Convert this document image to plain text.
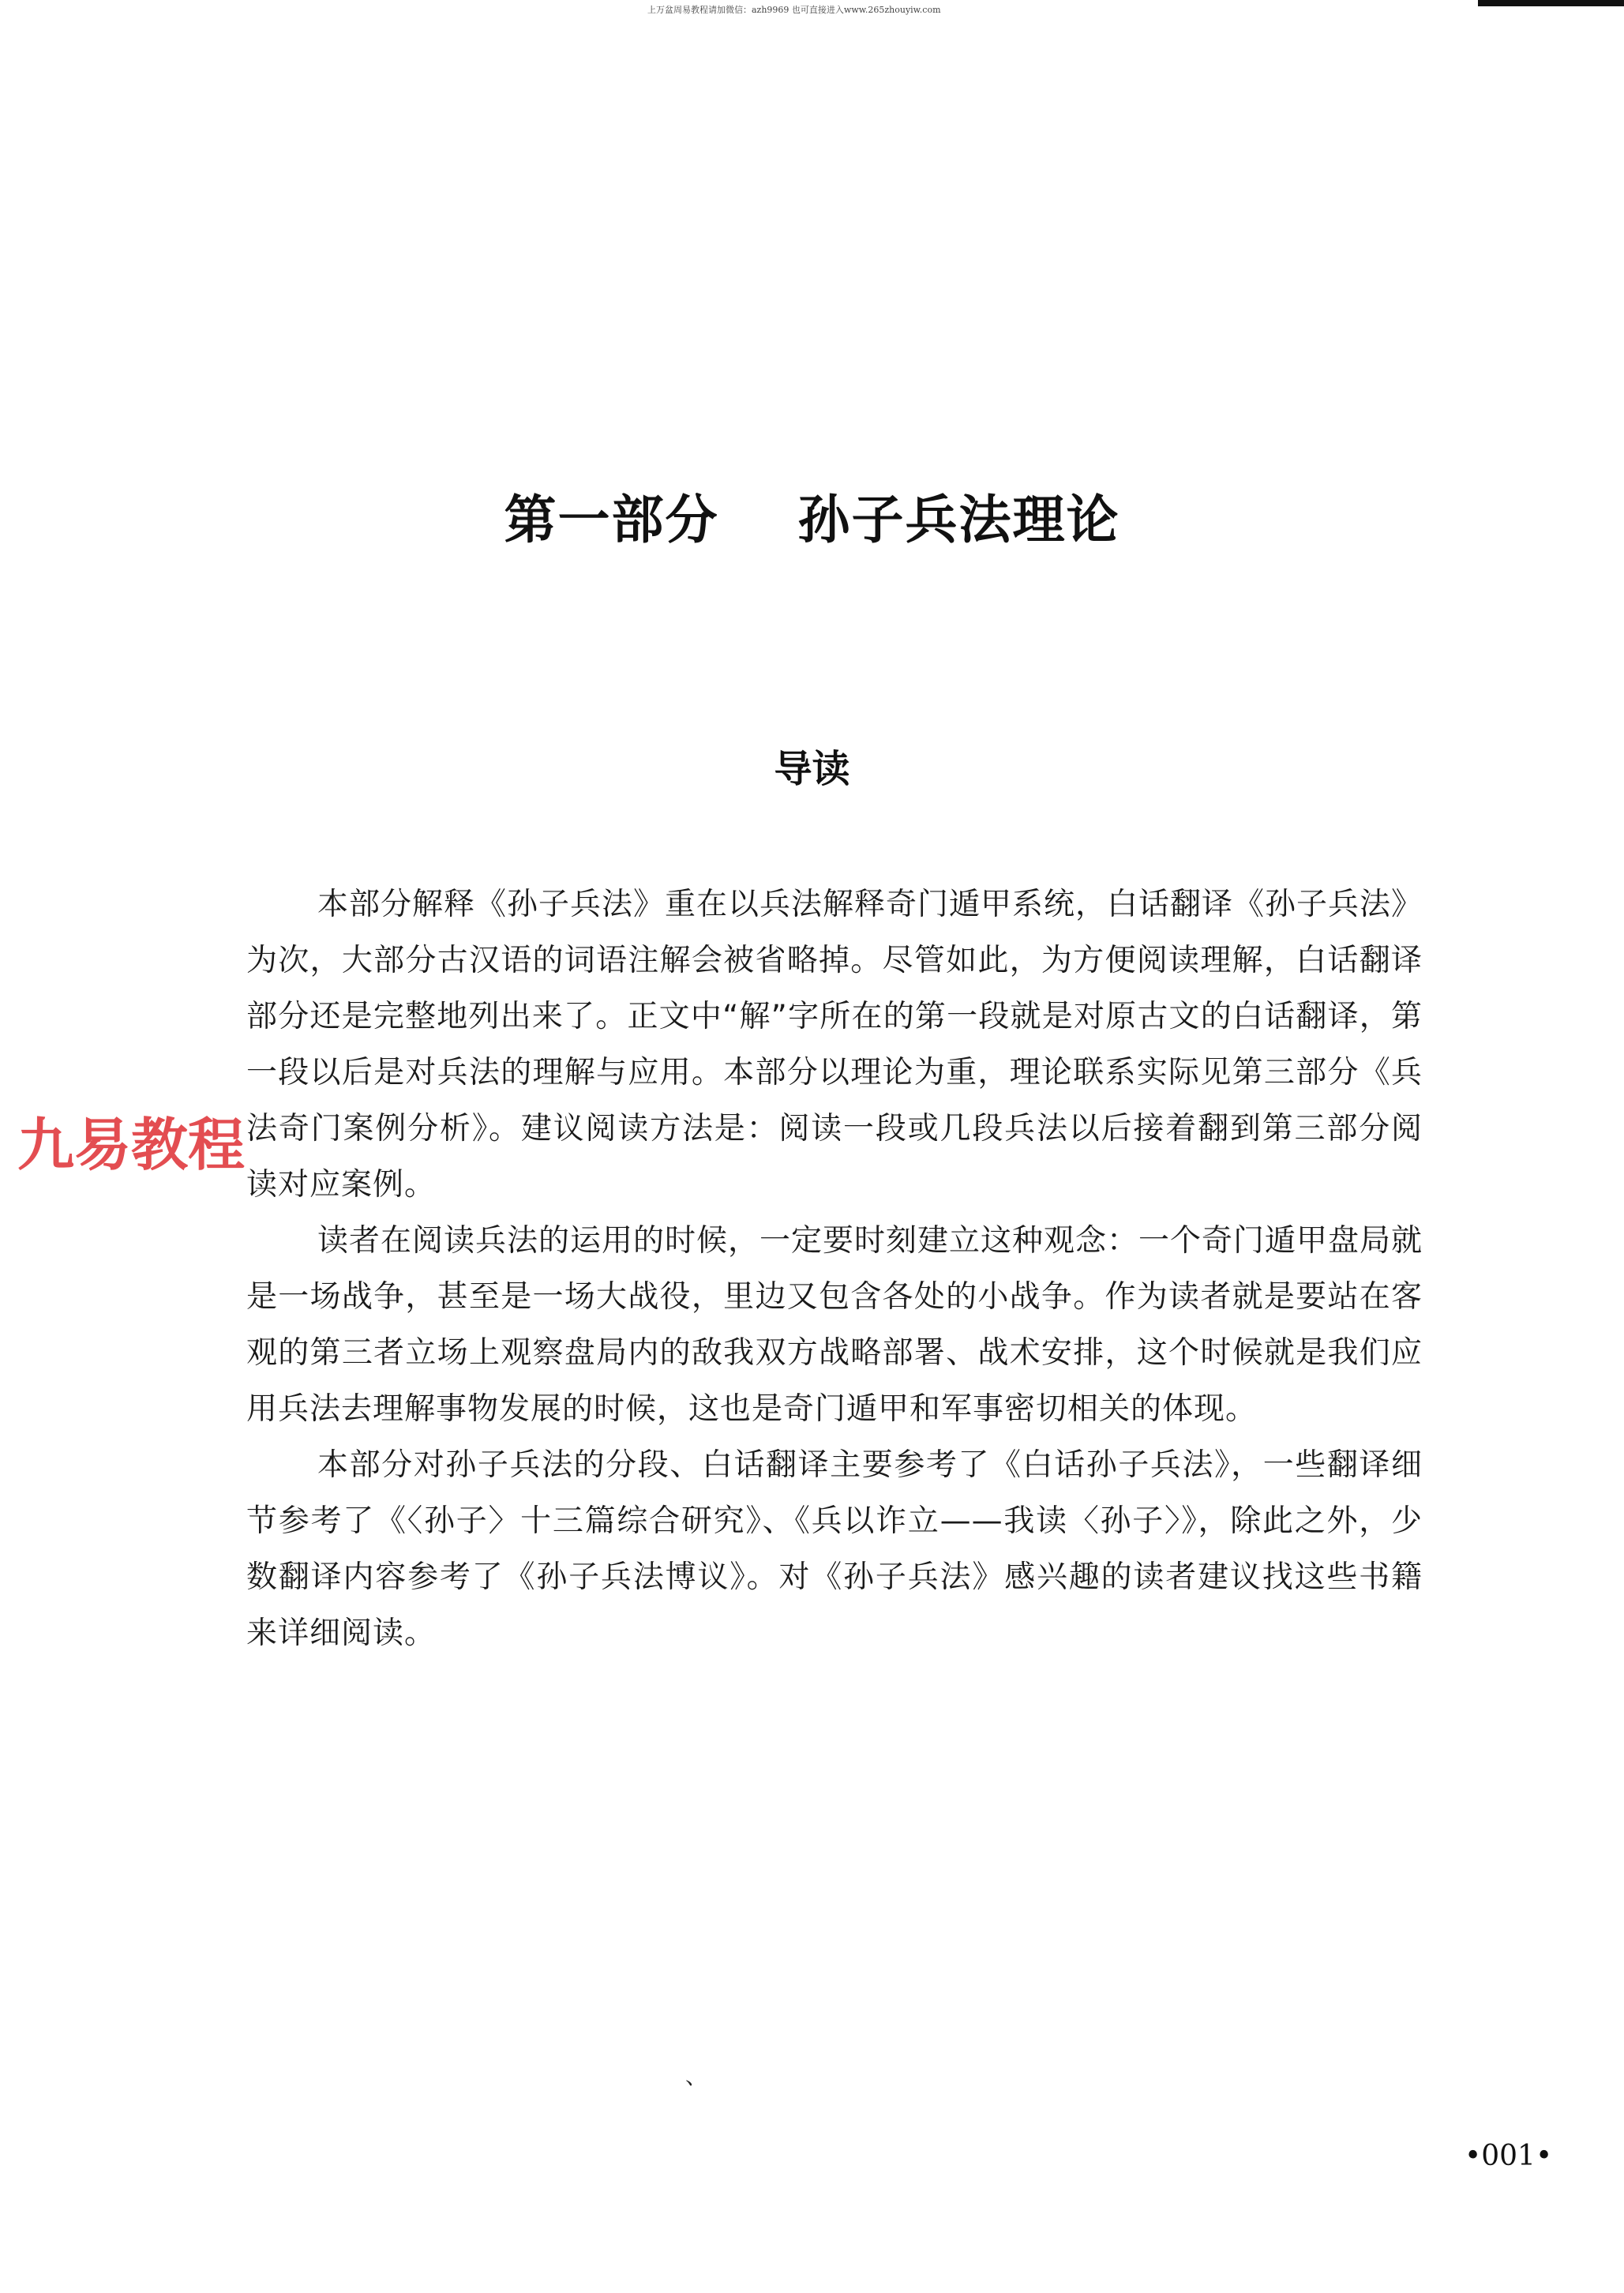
上万盆周易教程请加微信：azh9969 也可直接进入www.265zhouyiw.com
第一部分    孙子兵法理论
导读

本部分解释《孙子兵法》重在以兵法解释奇门遁甲系统，白话翻译《孙子兵法》为次，大部分古汉语的词语注解会被省略掉。尽管如此，为方便阅读理解，白话翻译部分还是完整地列出来了。正文中“解”字所在的第一段就是对原古文的白话翻译，第一段以后是对兵法的理解与应用。本部分以理论为重，理论联系实际见第三部分《兵法奇门案例分析》。建议阅读方法是：阅读一段或几段兵法以后接着翻到第三部分阅读对应案例。

读者在阅读兵法的运用的时候，一定要时刻建立这种观念：一个奇门遁甲盘局就是一场战争，甚至是一场大战役，里边又包含各处的小战争。作为读者就是要站在客观的第三者立场上观察盘局内的敌我双方战略部署、战术安排，这个时候就是我们应用兵法去理解事物发展的时候，这也是奇门遁甲和军事密切相关的体现。

本部分对孙子兵法的分段、白话翻译主要参考了《白话孙子兵法》，一些翻译细节参考了《〈孙子〉十三篇综合研究》、《兵以诈立——我读〈孙子〉》，除此之外，少数翻译内容参考了《孙子兵法博议》。对《孙子兵法》感兴趣的读者建议找这些书籍来详细阅读。

九易教程
、
•001•
